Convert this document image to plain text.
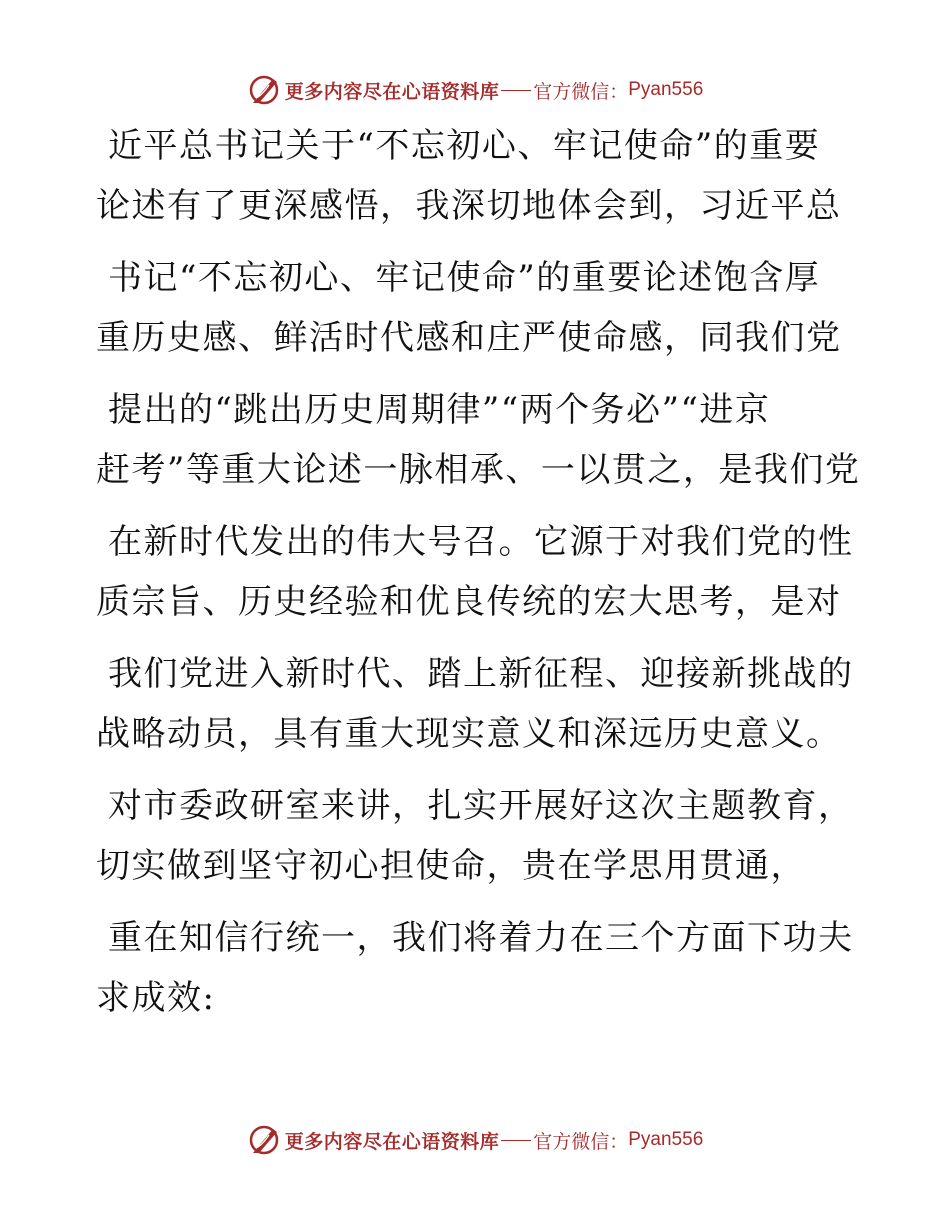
更多内容尽在心语资料库 官方微信： Pyan556
近平总书记关于“不忘初心、牢记使命”的重要
论述有了更深感悟，我深切地体会到，习近平总
书记“不忘初心、牢记使命”的重要论述饱含厚
重历史感、鲜活时代感和庄严使命感，同我们党
提出的“跳出历史周期律”“两个务必”“进京
赶考”等重大论述一脉相承、一以贯之，是我们党
在新时代发出的伟大号召。它源于对我们党的性
质宗旨、历史经验和优良传统的宏大思考，是对
我们党进入新时代、踏上新征程、迎接新挑战的
战略动员，具有重大现实意义和深远历史意义。
对市委政研室来讲，扎实开展好这次主题教育，
切实做到坚守初心担使命，贵在学思用贯通，
重在知信行统一，我们将着力在三个方面下功夫
求成效:
更多内容尽在心语资料库 官方微信： Pyan556
